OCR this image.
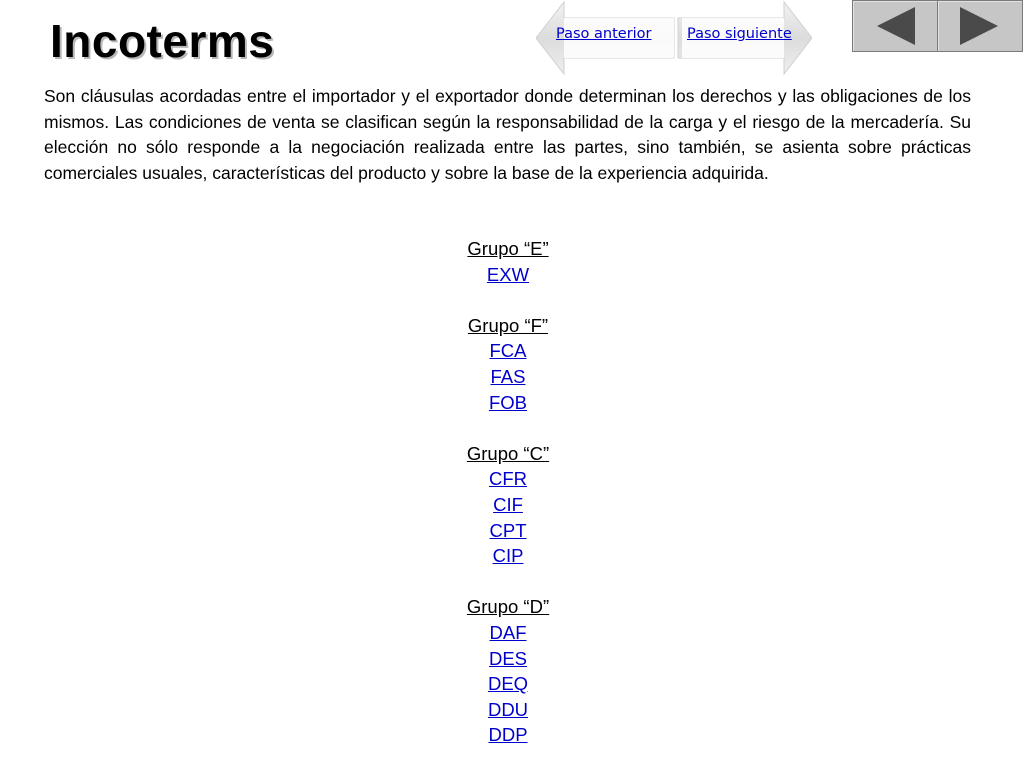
Incoterms	Paso anterior Paso siguiente
Son cláusulas acordadas entre el importador y el exportador donde determinan los derechos y las obligaciones de los mismos. Las condiciones de venta se clasifican según la responsabilidad de la carga y el riesgo de la mercadería. Su elección no sólo responde a la negociación realizada entre las partes, sino también, se asienta sobre prácticas comerciales usuales, características del producto y sobre la base de la experiencia adquirida.
Grupo “E”
EXW
Grupo “F”
FCA
FAS
FOB
Grupo “C”
CFR
CIF
CPT
CIP
Grupo “D”
DAF
DES
DEQ
DDU
DDP
